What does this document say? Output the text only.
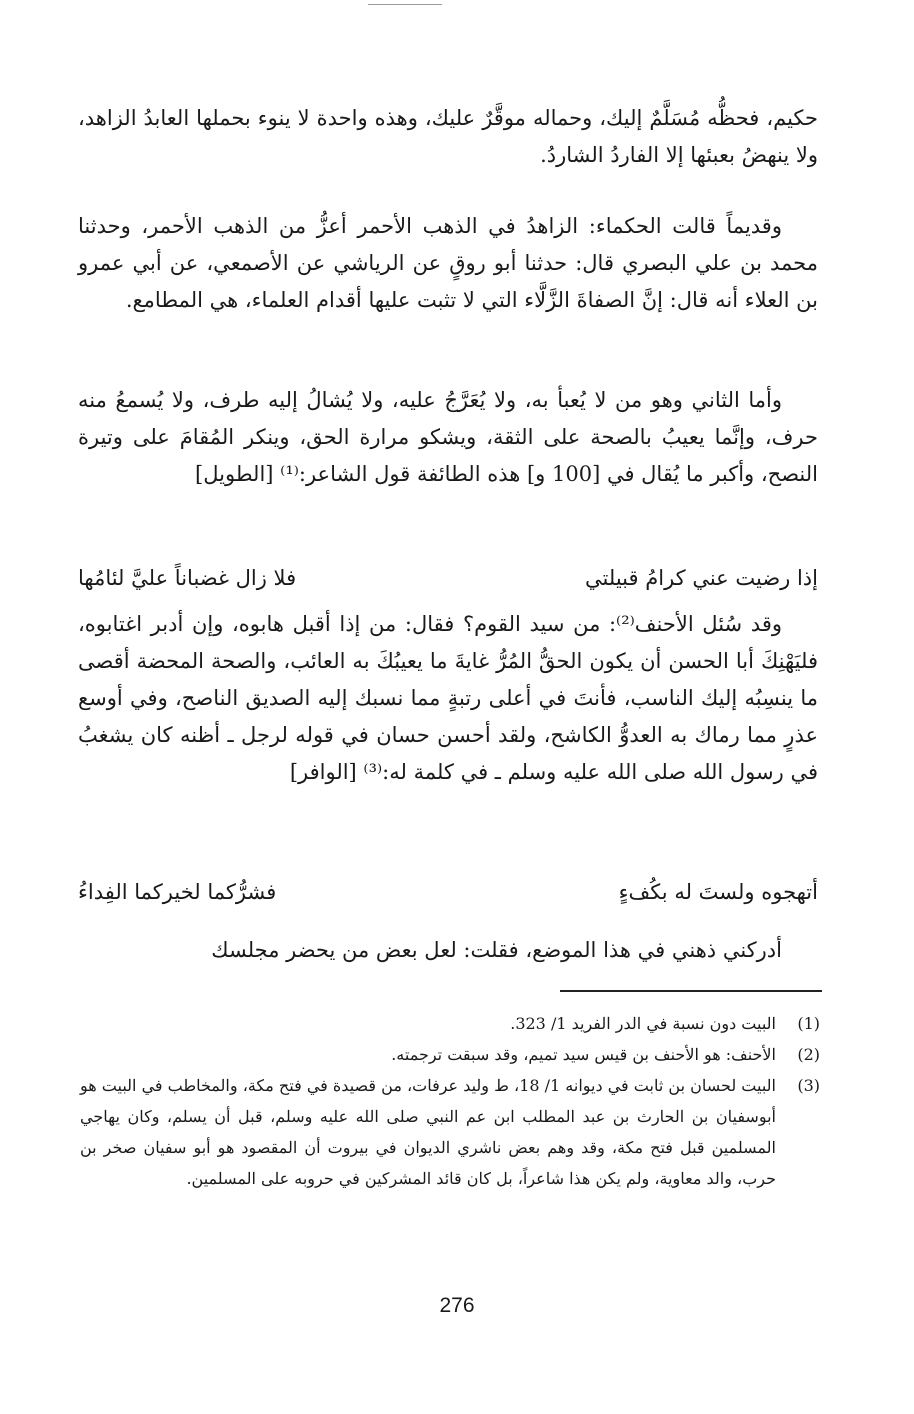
حكيم، فحظُّه مُسَلَّمٌ إليك، وحماله موقَّرٌ عليك، وهذه واحدة لا ينوء بحملها العابدُ الزاهد، ولا ينهضُ بعبئها إلا الفاردُ الشاردُ.

وقديماً قالت الحكماء: الزاهدُ في الذهب الأحمر أعزُّ من الذهب الأحمر، وحدثنا محمد بن علي البصري قال: حدثنا أبو روقٍ عن الرياشي عن الأصمعي، عن أبي عمرو بن العلاء أنه قال: إنَّ الصفاةَ الزَّلَّاء التي لا تثبت عليها أقدام العلماء، هي المطامع.

وأما الثاني وهو من لا يُعبأ به، ولا يُعَرَّجُ عليه، ولا يُشالُ إليه طرف، ولا يُسمعُ منه حرف، وإنَّما يعيبُ بالصحة على الثقة، ويشكو مرارة الحق، وينكر المُقامَ على وتيرة النصح، وأكبر ما يُقال في [100 و] هذه الطائفة قول الشاعر:⁽¹⁾ [الطويل]

إذا رضيت عني كرامُ قبيلتي
فلا زال غضباناً عليَّ لئامُها

وقد سُئل الأحنف⁽²⁾: من سيد القوم؟ فقال: من إذا أقبل هابوه، وإن أدبر اغتابوه، فليَهْنِكَ أبا الحسن أن يكون الحقُّ المُرُّ غايةَ ما يعيبُكَ به العائب، والصحة المحضة أقصى ما ينسِبُه إليك الناسب، فأنتَ في أعلى رتبةٍ مما نسبك إليه الصديق الناصح، وفي أوسع عذرٍ مما رماك به العدوُّ الكاشح، ولقد أحسن حسان في قوله لرجل ـ أظنه كان يشغبُ في رسول الله صلى الله عليه وسلم ـ في كلمة له:⁽³⁾ [الوافر]

أتهجوه ولستَ له بكُفءٍ
فشرُّكما لخيركما الفِداءُ

أدركني ذهني في هذا الموضع، فقلت: لعل بعض من يحضر مجلسك

(1)
البيت دون نسبة في الدر الفريد 1/ 323.
(2)
الأحنف: هو الأحنف بن قيس سيد تميم، وقد سبقت ترجمته.
(3)
البيت لحسان بن ثابت في ديوانه 1/ 18، ط وليد عرفات، من قصيدة في فتح مكة، والمخاطب في البيت هو أبوسفيان بن الحارث بن عبد المطلب ابن عم النبي صلى الله عليه وسلم، قبل أن يسلم، وكان يهاجي المسلمين قبل فتح مكة، وقد وهم بعض ناشري الديوان في بيروت أن المقصود هو أبو سفيان صخر بن حرب، والد معاوية، ولم يكن هذا شاعراً، بل كان قائد المشركين في حروبه على المسلمين.
276
